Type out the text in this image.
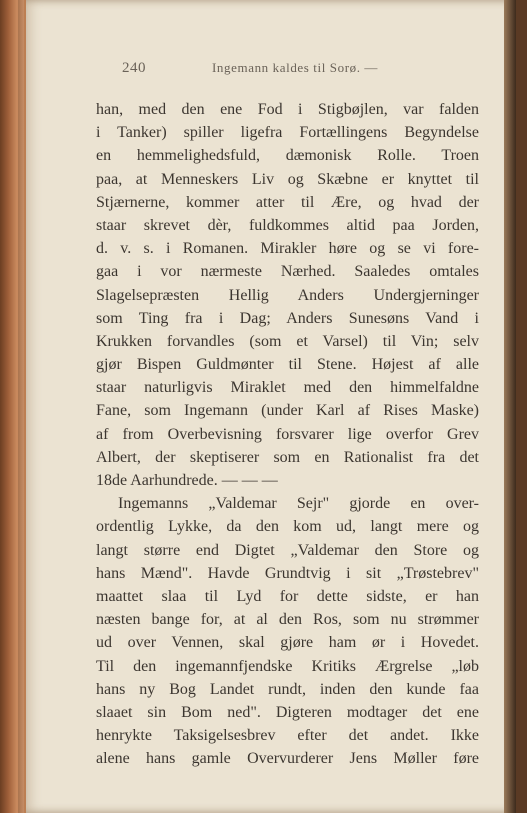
240	Ingemann kaldes til Sorø. —
han, med den ene Fod i Stigbøjlen, var falden
i Tanker) spiller ligefra Fortællingens Begyndelse
en hemmelighedsfuld, dæmonisk Rolle. Troen
paa, at Menneskers Liv og Skæbne er knyttet til
Stjærnerne, kommer atter til Ære, og hvad der
staar skrevet dèr, fuldkommes altid paa Jorden,
d. v. s. i Romanen. Mirakler høre og se vi fore-
gaa i vor nærmeste Nærhed. Saaledes omtales
Slagelsepræsten Hellig Anders Undergjerninger
som Ting fra i Dag; Anders Sunesøns Vand i
Krukken forvandles (som et Varsel) til Vin; selv
gjør Bispen Guldmønter til Stene. Højest af alle
staar naturligvis Miraklet med den himmelfaldne
Fane, som Ingemann (under Karl af Rises Maske)
af from Overbevisning forsvarer lige overfor Grev
Albert, der skeptiserer som en Rationalist fra det
18de Aarhundrede. — — —
Ingemanns „Valdemar Sejr" gjorde en over-
ordentlig Lykke, da den kom ud, langt mere og
langt større end Digtet „Valdemar den Store og
hans Mænd". Havde Grundtvig i sit „Trøstebrev"
maattet slaa til Lyd for dette sidste, er han
næsten bange for, at al den Ros, som nu strømmer
ud over Vennen, skal gjøre ham ør i Hovedet.
Til den ingemannfjendske Kritiks Ærgrelse „løb
hans ny Bog Landet rundt, inden den kunde faa
slaaet sin Bom ned". Digteren modtager det ene
henrykte Taksigelsesbrev efter det andet. Ikke
alene hans gamle Overvurderer Jens Møller føre
